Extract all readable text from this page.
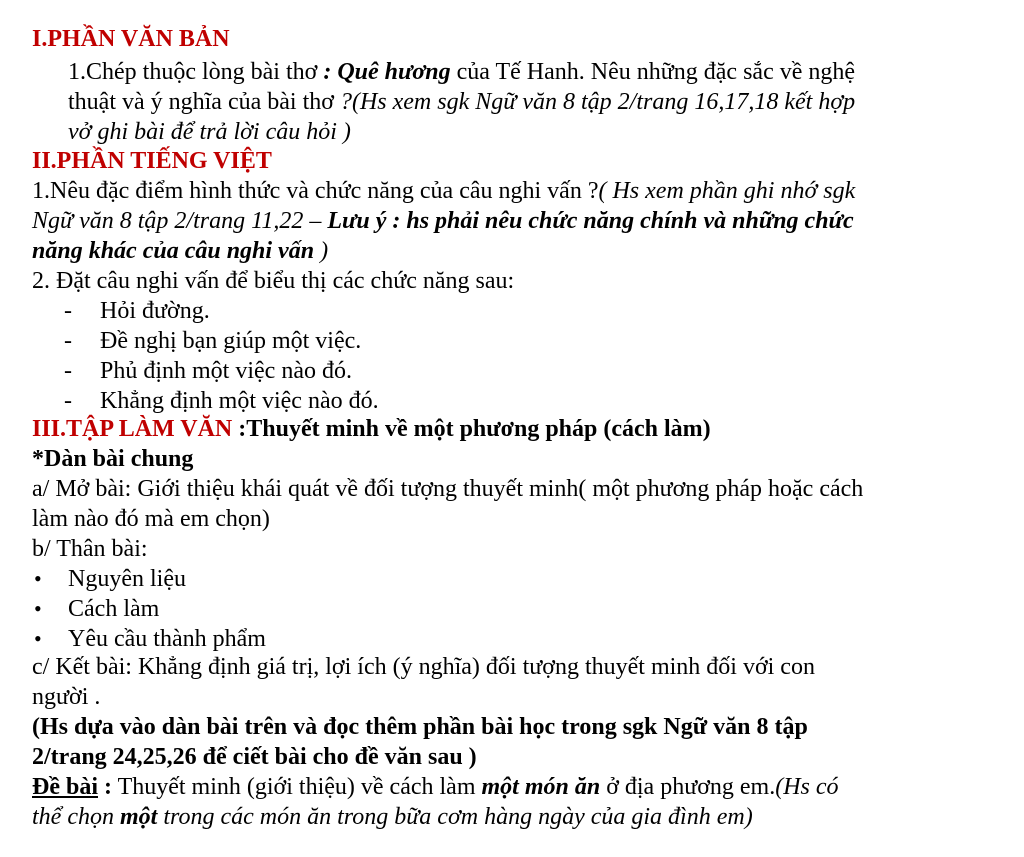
I.PHẦN VĂN BẢN
1.Chép thuộc lòng bài thơ : Quê hương của Tế Hanh. Nêu những đặc sắc về nghệ
thuật và ý nghĩa của bài thơ ?(Hs xem sgk Ngữ văn 8 tập 2/trang 16,17,18 kết hợp
vở ghi bài để trả lời câu hỏi )
II.PHẦN TIẾNG VIỆT
1.Nêu đặc điểm hình thức và chức năng của câu nghi vấn ?( Hs xem phần ghi nhớ sgk
Ngữ văn 8 tập 2/trang 11,22 – Lưu ý : hs phải nêu chức năng chính và những chức
năng khác của câu nghi vấn )
2. Đặt câu nghi vấn để biểu thị các chức năng sau:
- Hỏi đường.
- Đề nghị bạn giúp một việc.
- Phủ định một việc nào đó.
- Khẳng định một việc nào đó.
III.TẬP LÀM VĂN :Thuyết minh về một phương pháp (cách làm)
*Dàn bài chung
a/ Mở bài: Giới thiệu khái quát về đối tượng thuyết minh( một phương pháp hoặc cách
làm nào đó mà em chọn)
b/ Thân bài:
• Nguyên liệu
• Cách làm
• Yêu cầu thành phẩm
c/ Kết bài: Khẳng định giá trị, lợi ích (ý nghĩa) đối tượng thuyết minh đối với con
người .
(Hs dựa vào dàn bài trên và đọc thêm phần bài học trong sgk Ngữ văn 8 tập
2/trang 24,25,26 để ciết bài cho đề văn sau )
Đề bài : Thuyết minh (giới thiệu) về cách làm một món ăn ở địa phương em.(Hs có
thể chọn một trong các món ăn trong bữa cơm hàng ngày của gia đình em)
